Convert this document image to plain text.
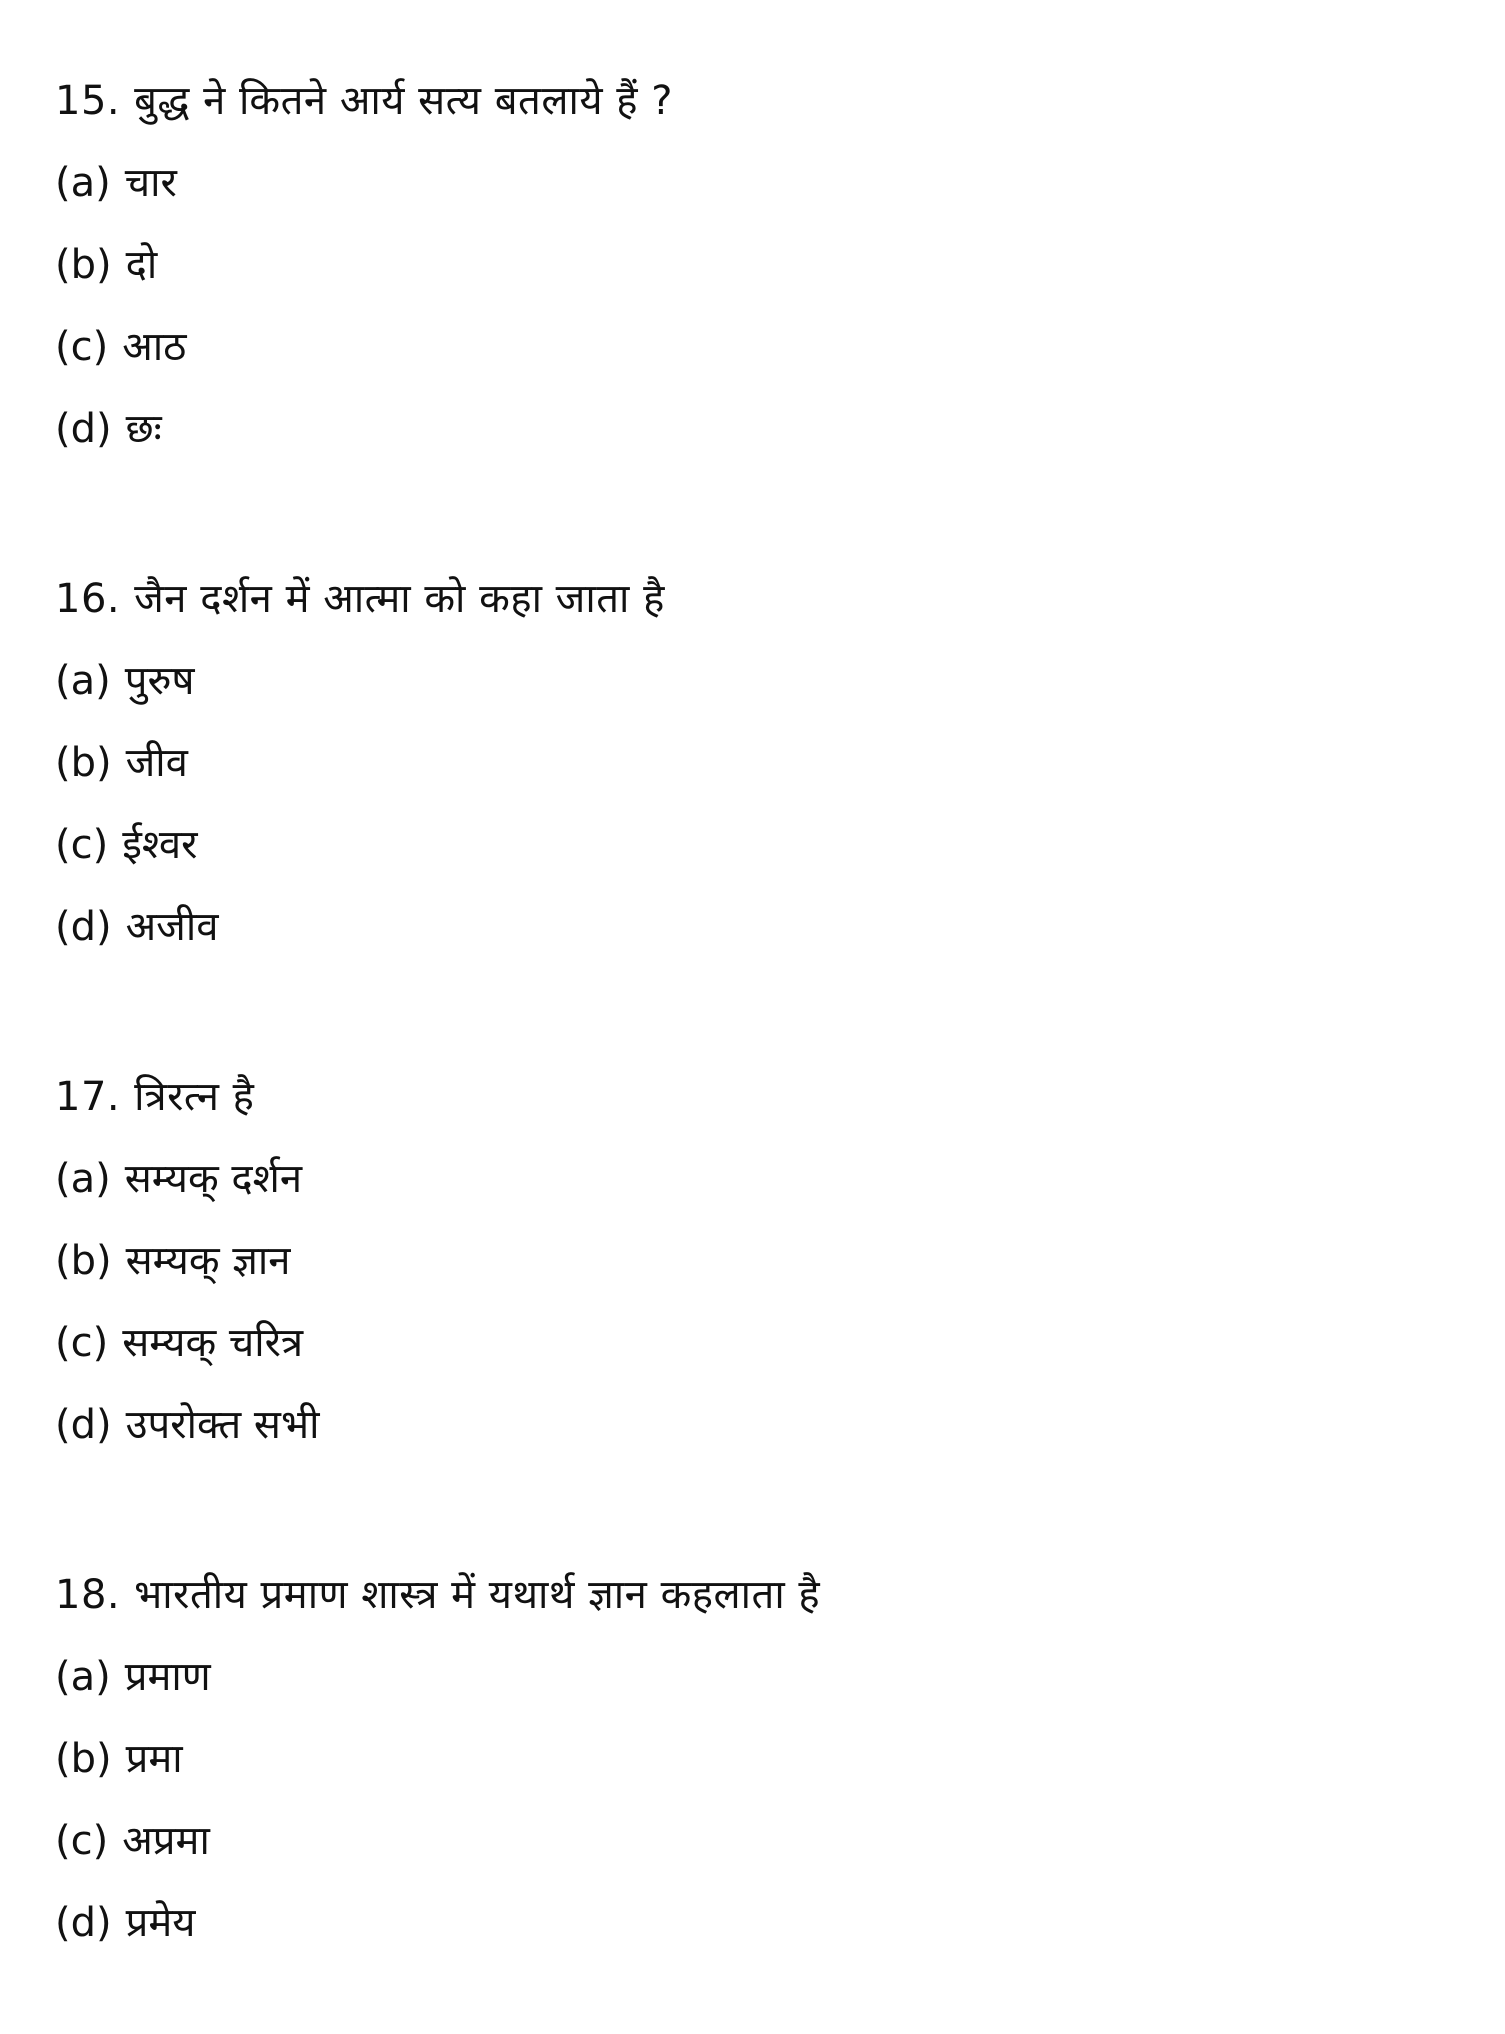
15. बुद्ध ने कितने आर्य सत्य बतलाये हैं ?
(a) चार
(b) दो
(c) आठ
(d) छः
16. जैन दर्शन में आत्मा को कहा जाता है
(a) पुरुष
(b) जीव
(c) ईश्वर
(d) अजीव
17. त्रिरत्न है
(a) सम्यक् दर्शन
(b) सम्यक् ज्ञान
(c) सम्यक् चरित्र
(d) उपरोक्त सभी
18. भारतीय प्रमाण शास्त्र में यथार्थ ज्ञान कहलाता है
(a) प्रमाण
(b) प्रमा
(c) अप्रमा
(d) प्रमेय
